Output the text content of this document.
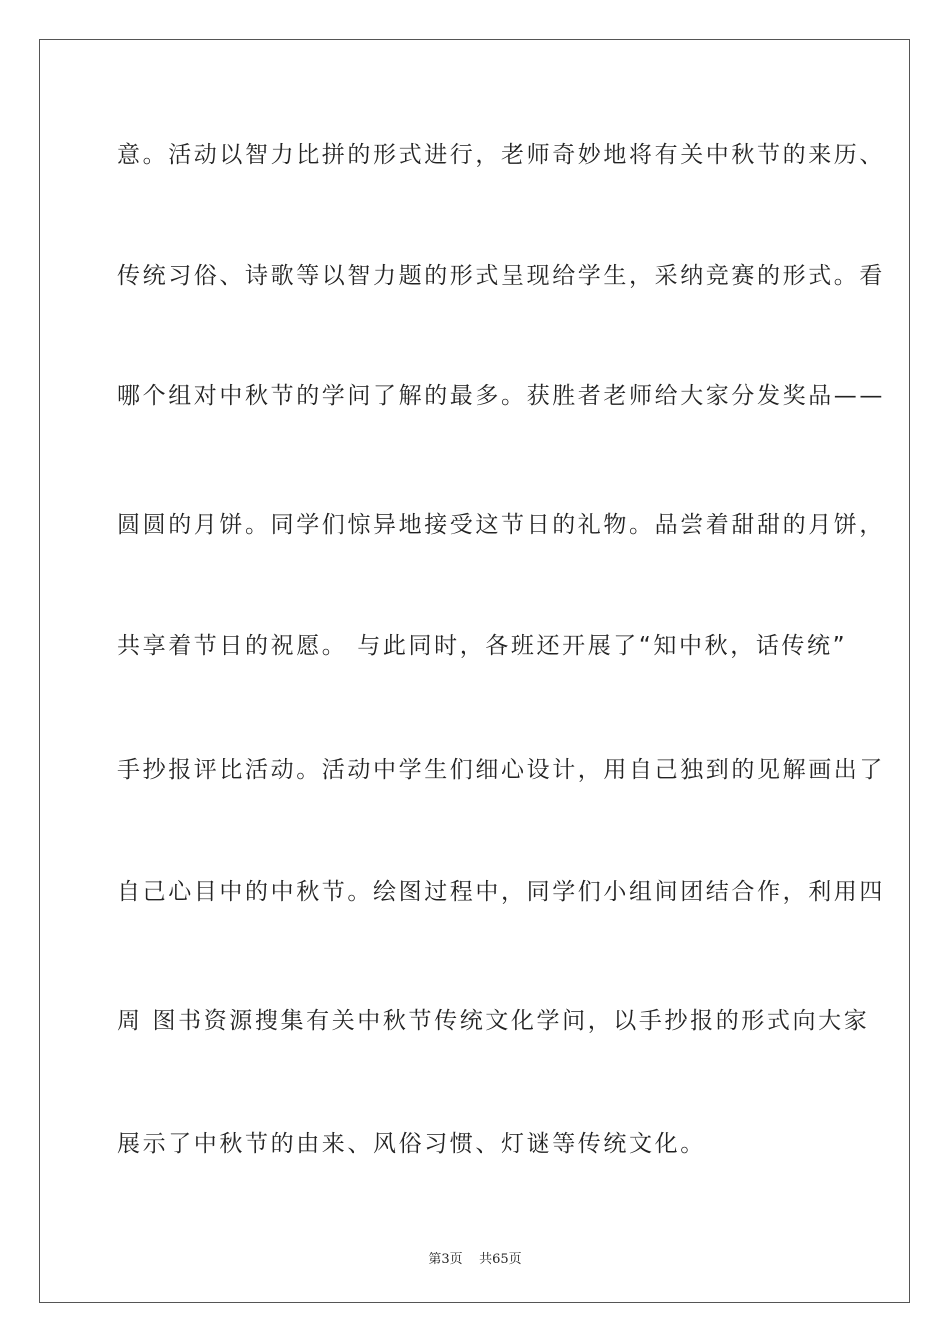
意。活动以智力比拼的形式进行，老师奇妙地将有关中秋节的来历、
传统习俗、诗歌等以智力题的形式呈现给学生，采纳竞赛的形式。看
哪个组对中秋节的学问了解的最多。获胜者老师给大家分发奖品——
圆圆的月饼。同学们惊异地接受这节日的礼物。品尝着甜甜的月饼，
共享着节日的祝愿。 与此同时，各班还开展了“知中秋，话传统”
手抄报评比活动。活动中学生们细心设计，用自己独到的见解画出了
自己心目中的中秋节。绘图过程中，同学们小组间团结合作，利用四
周 图书资源搜集有关中秋节传统文化学问，以手抄报的形式向大家
展示了中秋节的由来、风俗习惯、灯谜等传统文化。
第3页 共65页
